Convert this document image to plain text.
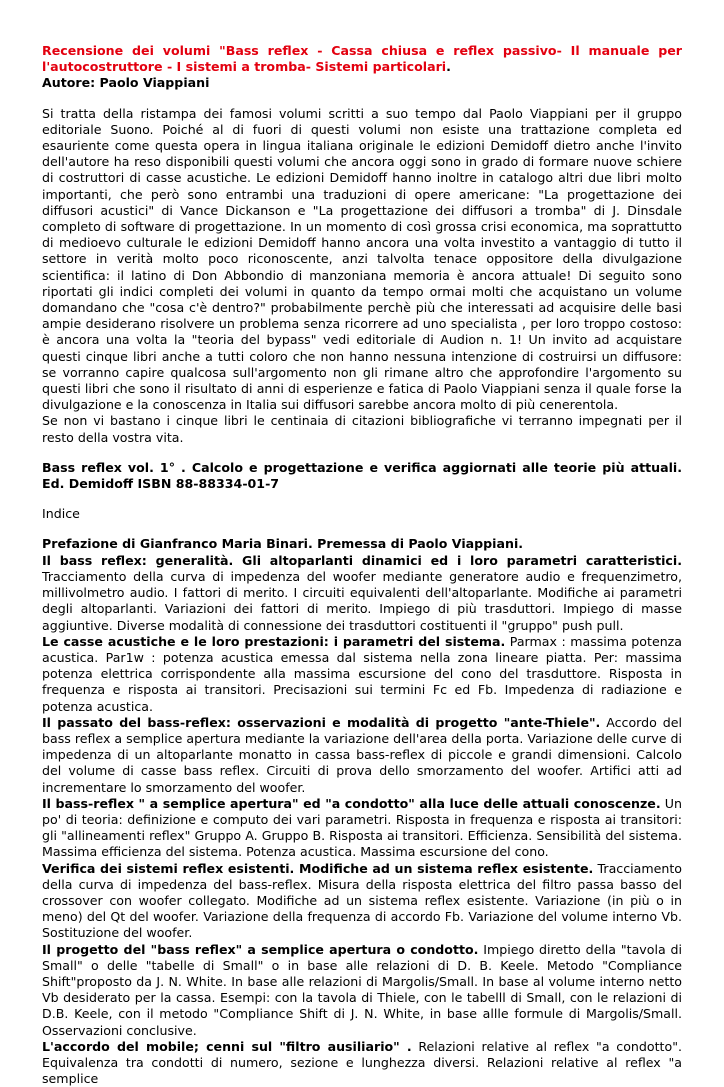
Recensione dei volumi "Bass reflex - Cassa chiusa e reflex passivo- Il manuale per l'autocostruttore - I sistemi a tromba- Sistemi particolari.

Autore: Paolo Viappiani

Si tratta della ristampa dei famosi volumi scritti a suo tempo dal Paolo Viappiani per il gruppo editoriale Suono. Poiché al di fuori di questi volumi non esiste una trattazione completa ed esauriente come questa opera in lingua italiana originale le edizioni Demidoff dietro anche l'invito dell'autore ha reso disponibili questi volumi che ancora oggi sono in grado di formare nuove schiere di costruttori di casse acustiche. Le edizioni Demidoff hanno inoltre in catalogo altri due libri molto importanti, che però sono entrambi una traduzioni di opere americane: "La progettazione dei diffusori acustici" di Vance Dickanson e "La progettazione dei diffusori a tromba" di J. Dinsdale completo di software di progettazione. In un momento di così grossa crisi economica, ma soprattutto di medioevo culturale le edizioni Demidoff hanno ancora una volta investito a vantaggio di tutto il settore in verità molto poco riconoscente, anzi talvolta tenace oppositore della divulgazione scientifica: il latino di Don Abbondio di manzoniana memoria è ancora attuale! Di seguito sono riportati gli indici completi dei volumi in quanto da tempo ormai molti che acquistano un volume domandano che "cosa c'è dentro?" probabilmente perchè più che interessati ad acquisire delle basi ampie desiderano risolvere un problema senza ricorrere ad uno specialista , per loro troppo costoso: è ancora una volta la "teoria del bypass" vedi editoriale di Audion n. 1! Un invito ad acquistare questi cinque libri anche a tutti coloro che non hanno nessuna intenzione di costruirsi un diffusore: se vorranno capire qualcosa sull'argomento non gli rimane altro che approfondire l'argomento su questi libri che sono il risultato di anni di esperienze e fatica di Paolo Viappiani senza il quale forse la divulgazione e la conoscenza in Italia sui diffusori sarebbe ancora molto di più cenerentola.

Se non vi bastano i cinque libri le centinaia di citazioni bibliografiche vi terranno impegnati per il resto della vostra vita.

Bass reflex vol. 1° . Calcolo e progettazione e verifica aggiornati alle teorie più attuali. Ed. Demidoff ISBN 88-88334-01-7

Indice

Prefazione di Gianfranco Maria Binari. Premessa di Paolo Viappiani.

Il bass reflex: generalità. Gli altoparlanti dinamici ed i loro parametri caratteristici. Tracciamento della curva di impedenza del woofer mediante generatore audio e frequenzimetro, millivolmetro audio. I fattori di merito. I circuiti equivalenti dell'altoparlante. Modifiche ai parametri degli altoparlanti. Variazioni dei fattori di merito. Impiego di più trasduttori. Impiego di masse aggiuntive. Diverse modalità di connessione dei trasduttori costituenti il "gruppo" push pull.

Le casse acustiche e le loro prestazioni: i parametri del sistema. Parmax : massima potenza acustica. Par1w : potenza acustica emessa dal sistema nella zona lineare piatta. Per: massima potenza elettrica corrispondente alla massima escursione del cono del trasduttore. Risposta in frequenza e risposta ai transitori. Precisazioni sui termini Fc ed Fb. Impedenza di radiazione e potenza acustica.

Il passato del bass-reflex: osservazioni e modalità di progetto "ante-Thiele". Accordo del bass reflex a semplice apertura mediante la variazione dell'area della porta. Variazione delle curve di impedenza di un altoparlante monatto in cassa bass-reflex di piccole e grandi dimensioni. Calcolo del volume di casse bass reflex. Circuiti di prova dello smorzamento del woofer. Artifici atti ad incrementare lo smorzamento del woofer.

Il bass-reflex " a semplice apertura" ed "a condotto" alla luce delle attuali conoscenze. Un po' di teoria: definizione e computo dei vari parametri. Risposta in frequenza e risposta ai transitori: gli "allineamenti reflex" Gruppo A. Gruppo B. Risposta ai transitori. Efficienza. Sensibilità del sistema. Massima efficienza del sistema. Potenza acustica. Massima escursione del cono.

Verifica dei sistemi reflex esistenti. Modifiche ad un sistema reflex esistente. Tracciamento della curva di impedenza del bass-reflex. Misura della risposta elettrica del filtro passa basso del crossover con woofer collegato. Modifiche ad un sistema reflex esistente. Variazione (in più o in meno) del Qt del woofer. Variazione della frequenza di accordo Fb. Variazione del volume interno Vb. Sostituzione del woofer.

Il progetto del "bass reflex" a semplice apertura o condotto. Impiego diretto della "tavola di Small" o delle "tabelle di Small" o in base alle relazioni di D. B. Keele. Metodo "Compliance Shift"proposto da J. N. White. In base alle relazioni di Margolis/Small. In base al volume interno netto Vb desiderato per la cassa. Esempi: con la tavola di Thiele, con le tabelll di Small, con le relazioni di D.B. Keele, con il metodo "Compliance Shift di J. N. White, in base allle formule di Margolis/Small. Osservazioni conclusive.

L'accordo del mobile; cenni sul "filtro ausiliario" . Relazioni relative al reflex "a condotto". Equivalenza tra condotti di numero, sezione e lunghezza diversi. Relazioni relative al reflex "a semplice
